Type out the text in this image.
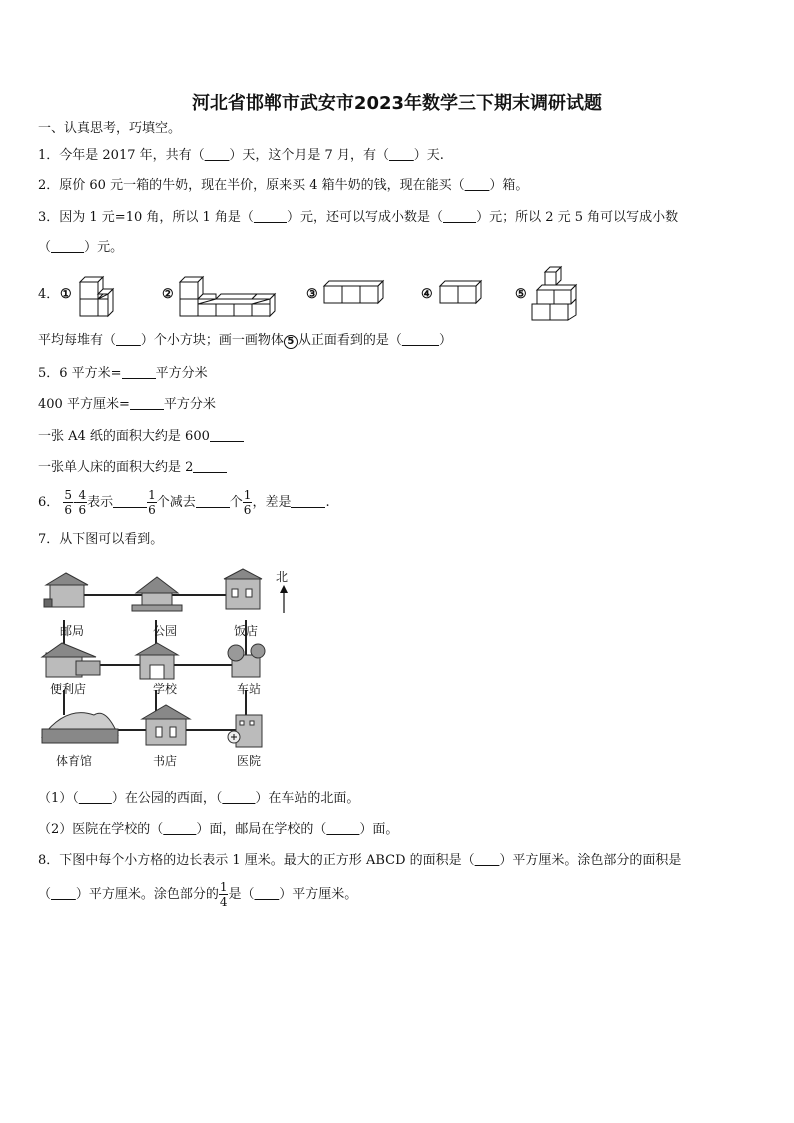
河北省邯郸市武安市2023年数学三下期末调研试题
一、认真思考，巧填空。
1．今年是 2017 年，共有（ ）天，这个月是 7 月，有（ ）天.
2．原价 60 元一箱的牛奶，现在半价，原来买 4 箱牛奶的钱，现在能买（ ）箱。
3．因为 1 元=10 角，所以 1 角是（	）元，还可以写成小数是（	）元；所以 2 元 5 角可以写成小数
（	）元。
4． ①	②	③	④	⑤
平均每堆有（ ）个小方块；画一画物体 5 从正面看到的是（	）
5．6 平方米=	平方分米
400 平方厘米=	平方分米
一张 A4 纸的面积大约是 600
一张单人床的面积大约是 2
6． $\frac{5}{6} - \frac{4}{6}$ 表示	$\frac{1}{6}$ 个减去	个 $\frac{1}{6}$ ，差是	.
7．从下图可以看到。
北
邮局	公园	饭店
便利店	学校	车站
体育馆	书店	医院
（1）（	）在公园的西面，（	）在车站的北面。
（2）医院在学校的（	）面，邮局在学校的（	）面。
8．下图中每个小方格的边长表示 1 厘米。最大的正方形 ABCD 的面积是（ ）平方厘米。涂色部分的面积是
（ ）平方厘米。涂色部分的 $\frac{1}{4}$ 是（ ）平方厘米。
